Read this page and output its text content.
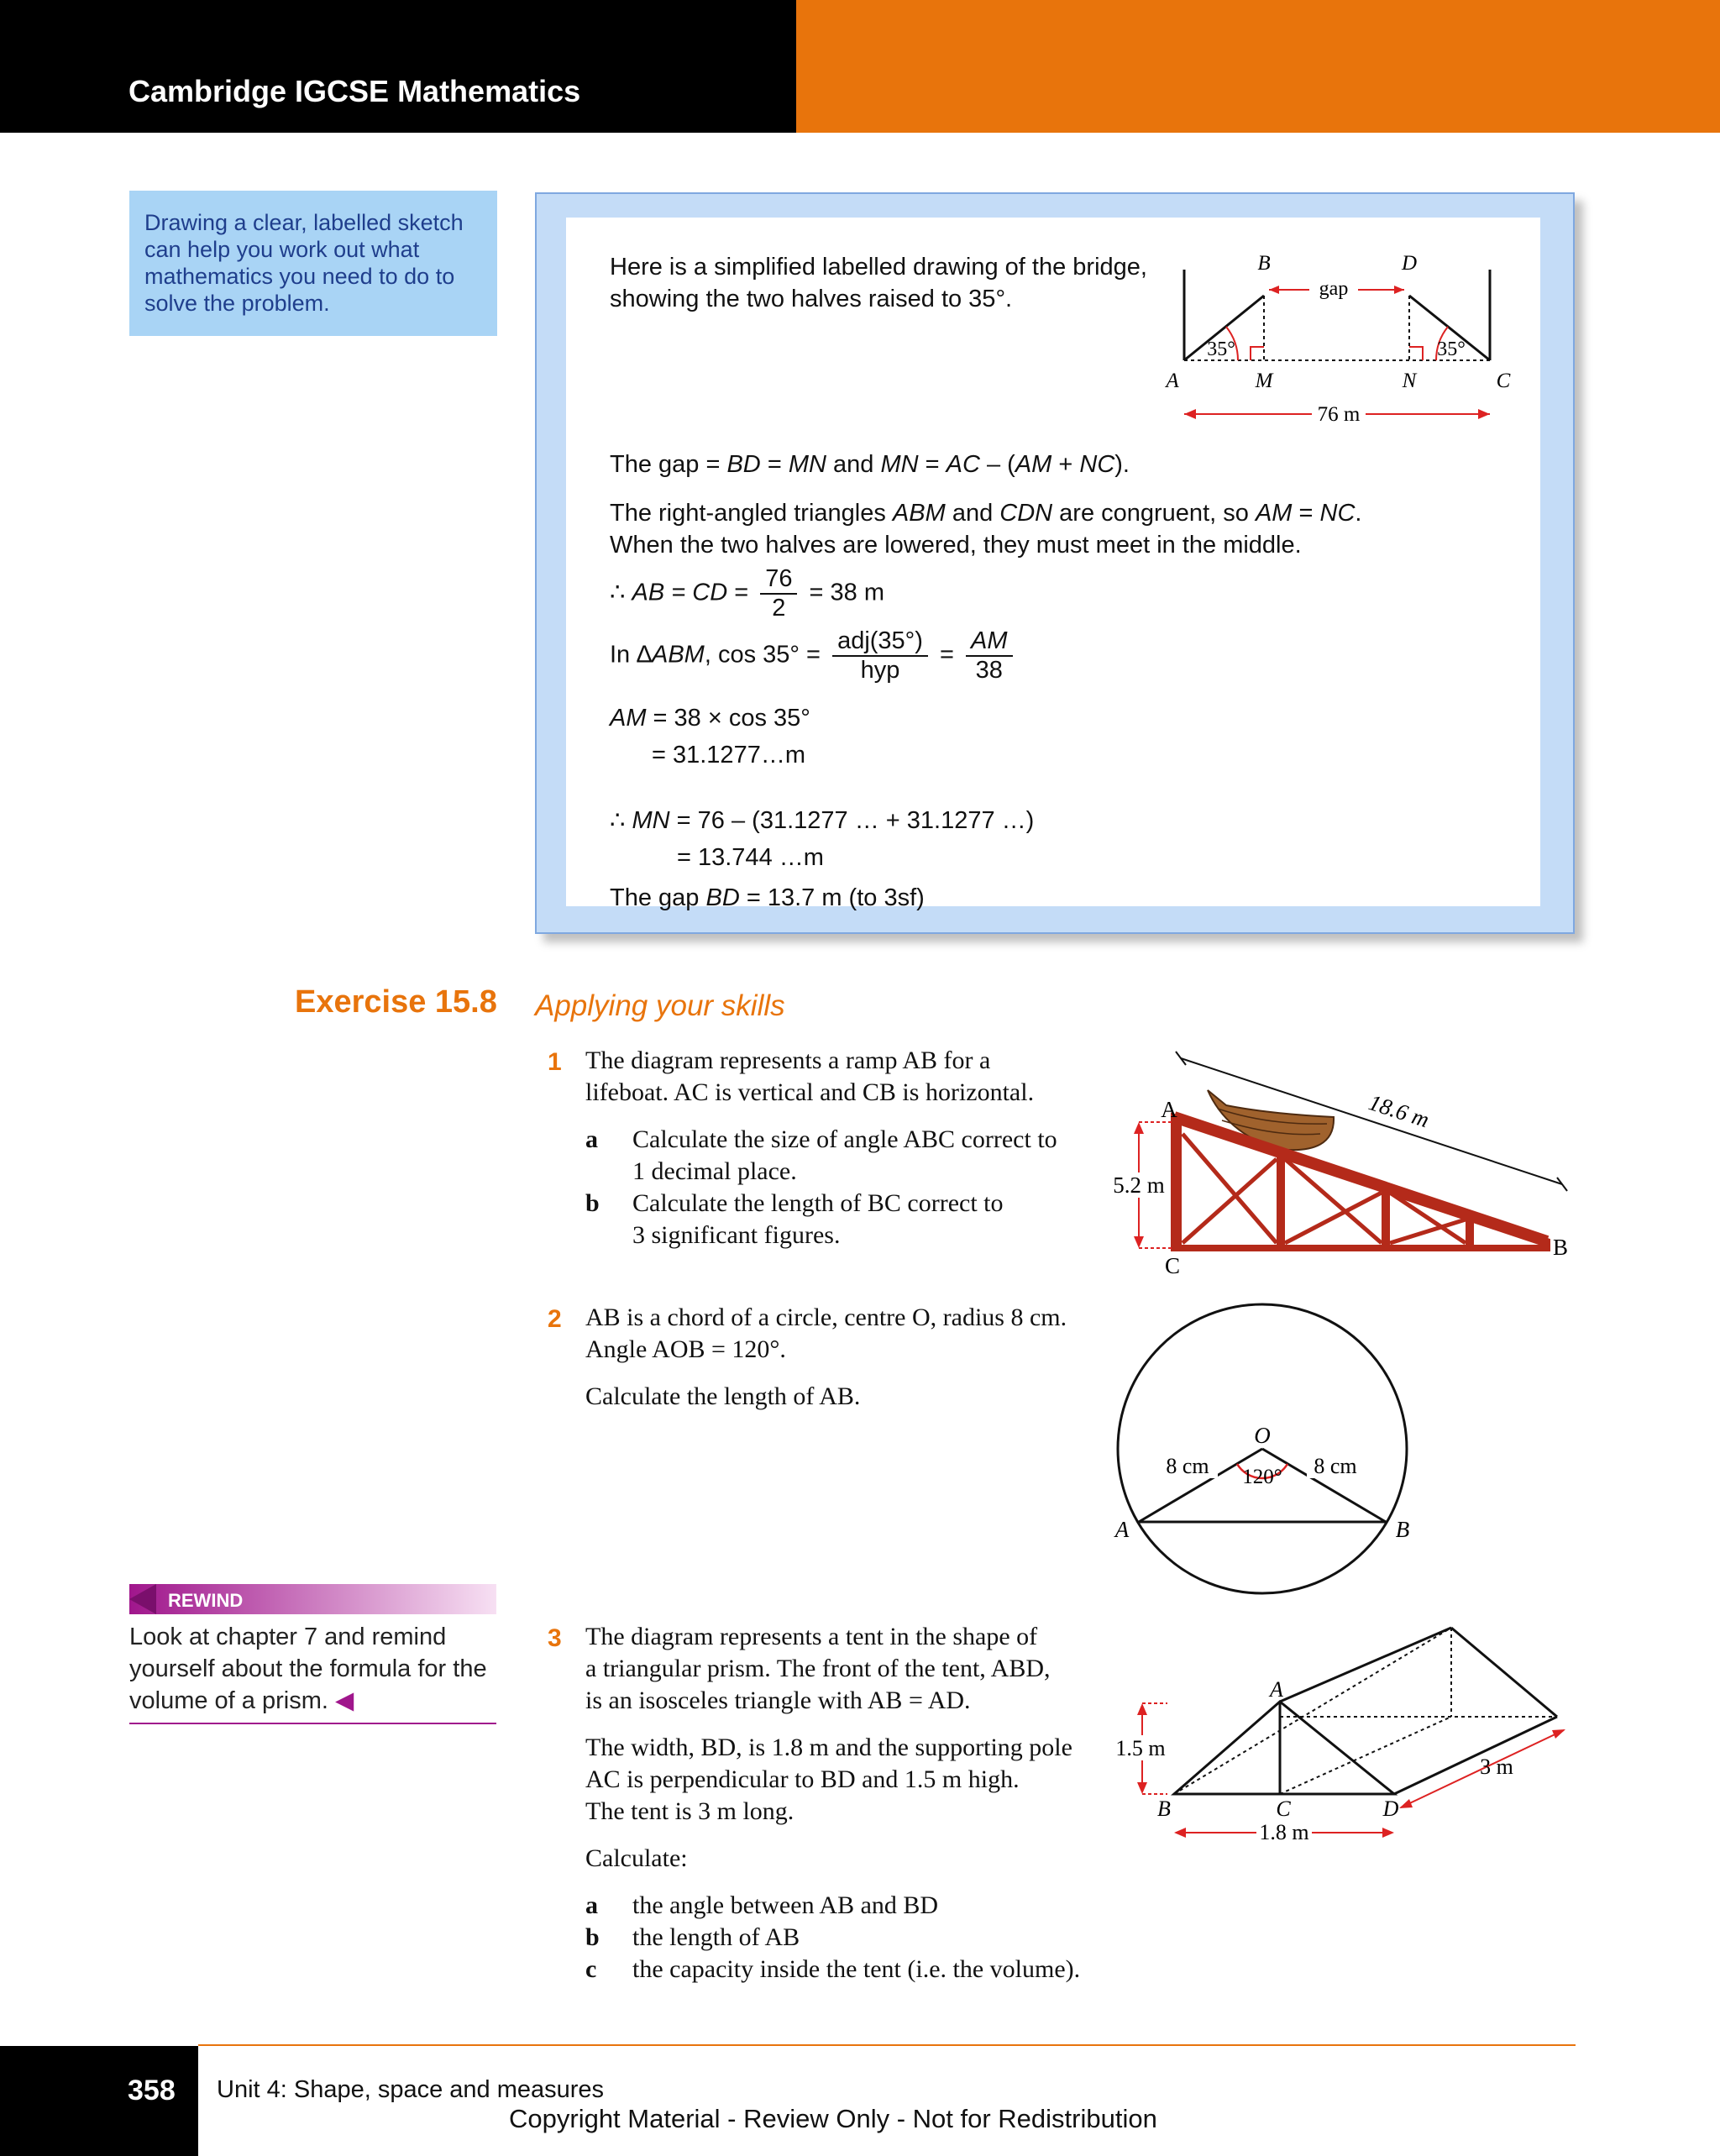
Cambridge IGCSE Mathematics
Drawing a clear, labelled sketch can help you work out what mathematics you need to do to solve the problem.
Here is a simplified labelled drawing of the bridge, showing the two halves raised to 35°.	gap
B	D
A	M	N	C
35°	35°
76 m
The gap = BD = MN and MN = AC – (AM + NC).
The right-angled triangles ABM and CDN are congruent, so AM = NC.
When the two halves are lowered, they must meet in the middle.
∴ AB = CD = $\frac{76}{2} = 38$ m
In ∆ABM, $\cos 35^\circ = \frac{\text{adj(35°)}}{\text{hyp}} = \frac{AM}{38}$
AM = 38 × cos 35°
= 31.1277…m
∴ MN = 76 – (31.1277 … + 31.1277 …)
= 13.744 …m
The gap BD = 13.7 m (to 3sf)
Exercise 15.8 Applying your skills
1 The diagram represents a ramp AB for a
lifeboat. AC is vertical and CB is horizontal.
a Calculate the size of angle ABC correct to
1 decimal place.
b Calculate the length of BC correct to
3 significant figures.
18.6 m
5.2 m
A
B
C
2 AB is a chord of a circle, centre O, radius 8 cm.
Angle AOB = 120°.
Calculate the length of AB.
O
A	B
8 cm	8 cm
120°
REWIND
Look at chapter 7 and remind
yourself about the formula for the
volume of a prism. ◀
3 The diagram represents a tent in the shape of
a triangular prism. The front of the tent, ABD,
is an isosceles triangle with AB = AD.
The width, BD, is 1.8 m and the supporting pole
AC is perpendicular to BD and 1.5 m high.
The tent is 3 m long.
Calculate:
a the angle between AB and BD
b the length of AB
c the capacity inside the tent (i.e. the volume).
1.5 m
1.8 m
3 m
A
B	C	D
358 Unit 4: Shape, space and measures
Copyright Material - Review Only - Not for Redistribution
